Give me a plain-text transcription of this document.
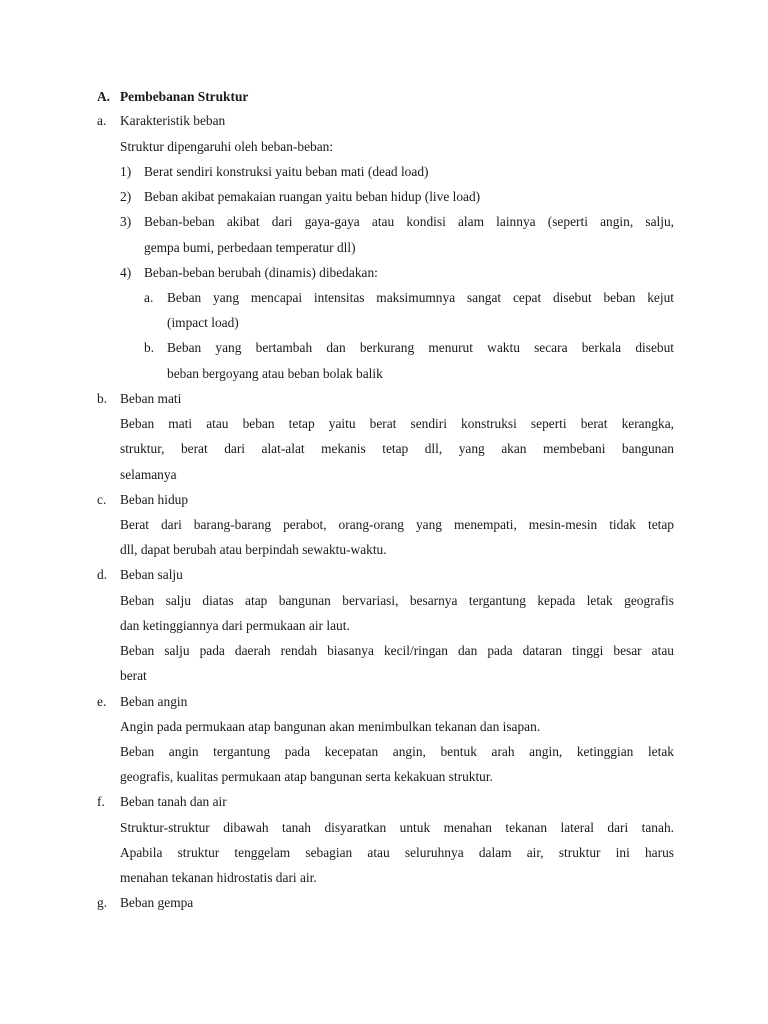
A. Pembebanan Struktur
a. Karakteristik beban
Struktur dipengaruhi oleh beban-beban:
1) Berat sendiri konstruksi yaitu beban mati (dead load)
2) Beban akibat pemakaian ruangan yaitu beban hidup (live load)
3) Beban-beban akibat dari gaya-gaya atau kondisi alam lainnya (seperti angin, salju,
gempa bumi, perbedaan temperatur dll)
4) Beban-beban berubah (dinamis) dibedakan:
a. Beban yang mencapai intensitas maksimumnya sangat cepat disebut beban kejut
(impact load)
b. Beban yang bertambah dan berkurang menurut waktu secara berkala disebut
beban bergoyang atau beban bolak balik
b. Beban mati
Beban mati atau beban tetap yaitu berat sendiri konstruksi seperti berat kerangka,
struktur, berat dari alat-alat mekanis tetap dll, yang akan membebani bangunan
selamanya
c. Beban hidup
Berat dari barang-barang perabot, orang-orang yang menempati, mesin-mesin tidak tetap
dll, dapat berubah atau berpindah sewaktu-waktu.
d. Beban salju
Beban salju diatas atap bangunan bervariasi, besarnya tergantung kepada letak geografis
dan ketinggiannya dari permukaan air laut.
Beban salju pada daerah rendah biasanya kecil/ringan dan pada dataran tinggi besar atau
berat
e. Beban angin
Angin pada permukaan atap bangunan akan menimbulkan tekanan dan isapan.
Beban angin tergantung pada kecepatan angin, bentuk arah angin, ketinggian letak
geografis, kualitas permukaan atap bangunan serta kekakuan struktur.
f. Beban tanah dan air
Struktur-struktur dibawah tanah disyaratkan untuk menahan tekanan lateral dari tanah.
Apabila struktur tenggelam sebagian atau seluruhnya dalam air, struktur ini harus
menahan tekanan hidrostatis dari air.
g. Beban gempa
